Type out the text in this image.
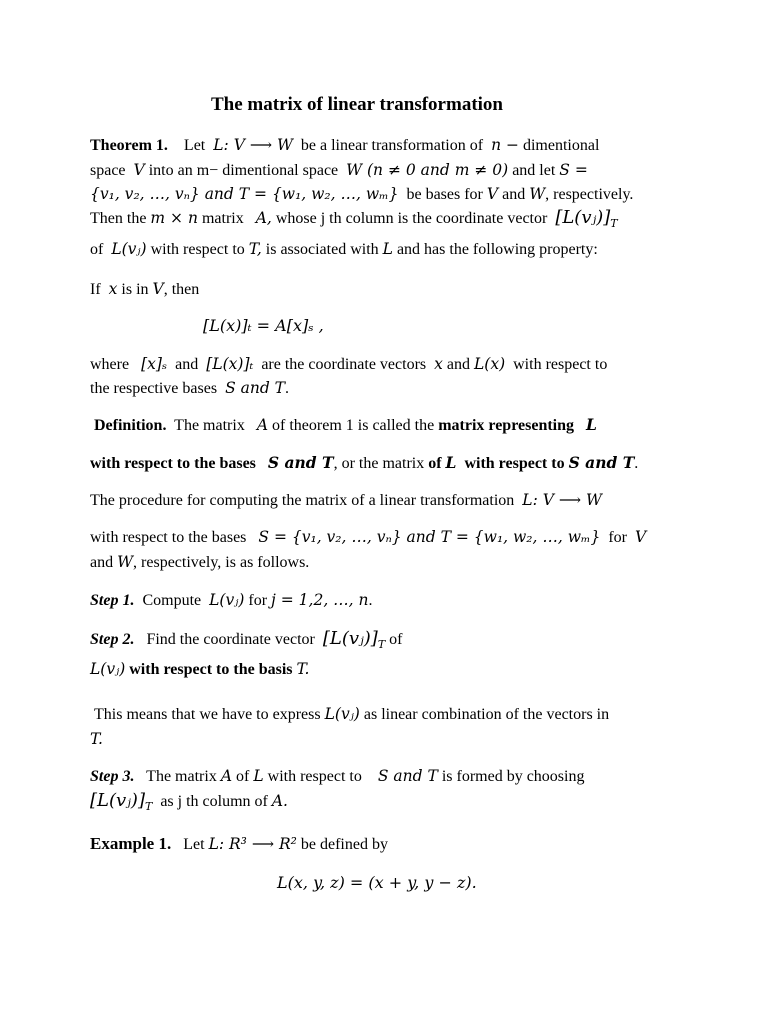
The matrix of linear transformation
Theorem 1. Let L: V ⟶ W be a linear transformation of n − dimentional
space V into an m− dimentional space W (n ≠ 0 and m ≠ 0) and let S =
{v₁, v₂, …, vₙ} and T = {w₁, w₂, …, wₘ} be bases for V and W, respectively.
Then the m × n matrix A, whose j th column is the coordinate vector $[L(vⱼ)]_T$
of L(vⱼ) with respect to T, is associated with L and has the following property:
If x is in V, then
[L(x)]ₜ = A[x]ₛ ,
where [x]ₛ and [L(x)]ₜ are the coordinate vectors x and L(x) with respect to
the respective bases S and T.
Definition. The matrix A of theorem 1 is called the matrix representing L
with respect to the bases S and T, or the matrix of L with respect to S and T.
The procedure for computing the matrix of a linear transformation L: V ⟶ W
with respect to the bases S = {v₁, v₂, …, vₙ} and T = {w₁, w₂, …, wₘ} for V
and W, respectively, is as follows.
Step 1. Compute L(vⱼ) for j = 1,2, …, n.
Step 2. Find the coordinate vector $[L(vⱼ)]_T$ of
L(vⱼ) with respect to the basis T.
This means that we have to express L(vⱼ) as linear combination of the vectors in
T.
Step 3. The matrix A of L with respect to S and T is formed by choosing
$[L(vⱼ)]_T$ as j th column of A.
Example 1. Let L: R³ ⟶ R² be defined by
L(x, y, z) = (x + y, y − z).
